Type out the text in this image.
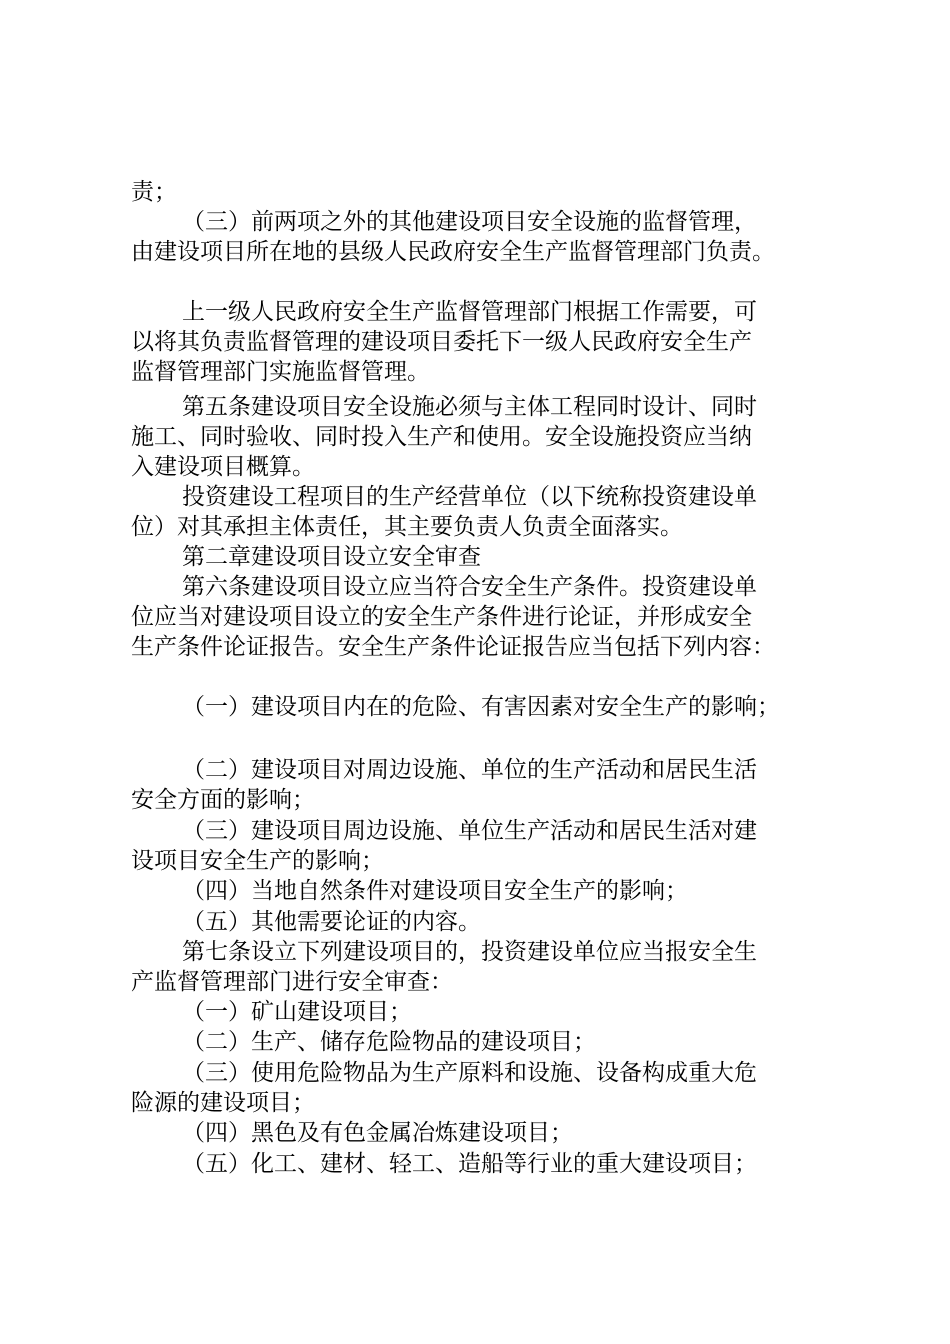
责；
（三）前两项之外的其他建设项目安全设施的监督管理，
由建设项目所在地的县级人民政府安全生产监督管理部门负责。
上一级人民政府安全生产监督管理部门根据工作需要，可
以将其负责监督管理的建设项目委托下一级人民政府安全生产
监督管理部门实施监督管理。
第五条建设项目安全设施必须与主体工程同时设计、同时
施工、同时验收、同时投入生产和使用。安全设施投资应当纳
入建设项目概算。
投资建设工程项目的生产经营单位（以下统称投资建设单
位）对其承担主体责任，其主要负责人负责全面落实。
第二章建设项目设立安全审查
第六条建设项目设立应当符合安全生产条件。投资建设单
位应当对建设项目设立的安全生产条件进行论证，并形成安全
生产条件论证报告。安全生产条件论证报告应当包括下列内容：
（一）建设项目内在的危险、有害因素对安全生产的影响；
（二）建设项目对周边设施、单位的生产活动和居民生活
安全方面的影响；
（三）建设项目周边设施、单位生产活动和居民生活对建
设项目安全生产的影响；
（四）当地自然条件对建设项目安全生产的影响；
（五）其他需要论证的内容。
第七条设立下列建设项目的，投资建设单位应当报安全生
产监督管理部门进行安全审查：
（一）矿山建设项目；
（二）生产、储存危险物品的建设项目；
（三）使用危险物品为生产原料和设施、设备构成重大危
险源的建设项目；
（四）黑色及有色金属冶炼建设项目；
（五）化工、建材、轻工、造船等行业的重大建设项目；
